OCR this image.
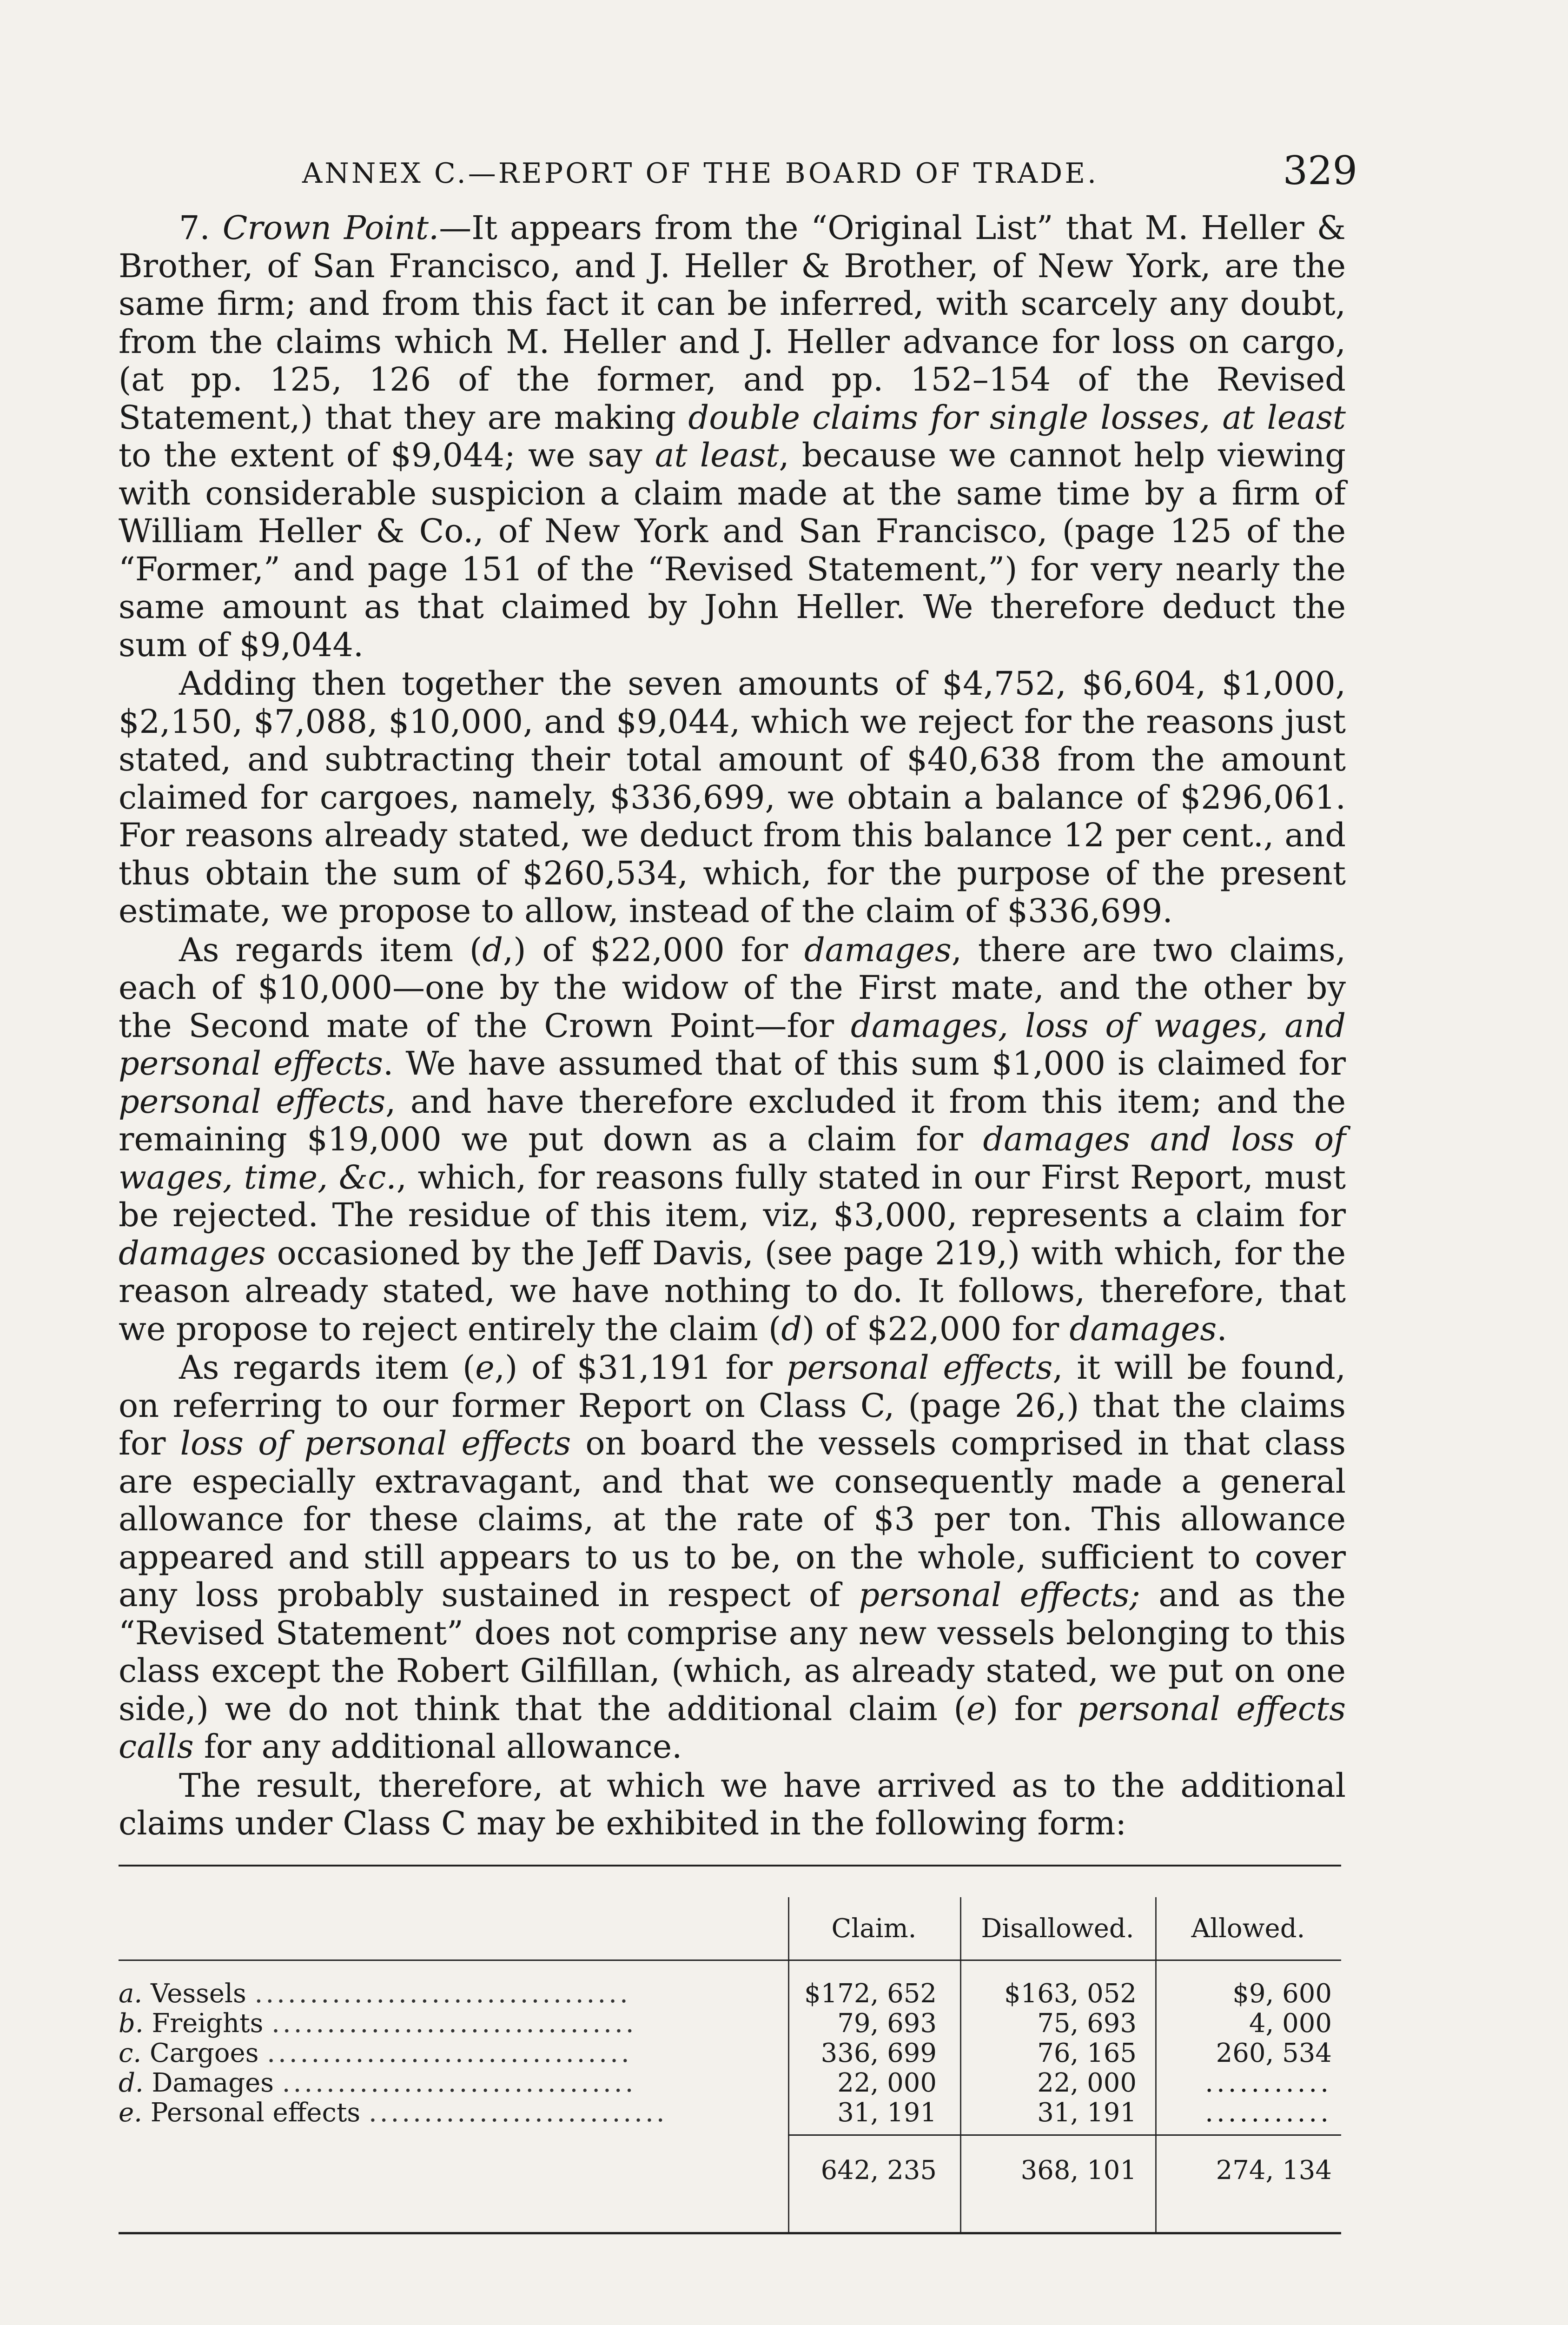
ANNEX C.—REPORT OF THE BOARD OF TRADE.	329

7. Crown Point.—It appears from the “Original List” that M. Heller & Brother, of San Francisco, and J. Heller & Brother, of New York, are the same firm; and from this fact it can be inferred, with scarcely any doubt, from the claims which M. Heller and J. Heller advance for loss on cargo, (at pp. 125, 126 of the former, and pp. 152–154 of the Revised Statement,) that they are making double claims for single losses, at least to the extent of $9,044; we say at least, because we cannot help viewing with considerable suspicion a claim made at the same time by a firm of William Heller & Co., of New York and San Francisco, (page 125 of the “Former,” and page 151 of the “Revised Statement,”) for very nearly the same amount as that claimed by John Heller. We therefore deduct the sum of $9,044.

Adding then together the seven amounts of $4,752, $6,604, $1,000, $2,150, $7,088, $10,000, and $9,044, which we reject for the reasons just stated, and subtracting their total amount of $40,638 from the amount claimed for cargoes, namely, $336,699, we obtain a balance of $296,061. For reasons already stated, we deduct from this balance 12 per cent., and thus obtain the sum of $260,534, which, for the purpose of the present estimate, we propose to allow, instead of the claim of $336,699.

As regards item (d,) of $22,000 for damages, there are two claims, each of $10,000—one by the widow of the First mate, and the other by the Second mate of the Crown Point—for damages, loss of wages, and personal effects. We have assumed that of this sum $1,000 is claimed for personal effects, and have therefore excluded it from this item; and the remaining $19,000 we put down as a claim for damages and loss of wages, time, &c., which, for reasons fully stated in our First Report, must be rejected. The residue of this item, viz, $3,000, represents a claim for damages occasioned by the Jeff Davis, (see page 219,) with which, for the reason already stated, we have nothing to do. It follows, therefore, that we propose to reject entirely the claim (d) of $22,000 for damages.

As regards item (e,) of $31,191 for personal effects, it will be found, on referring to our former Report on Class C, (page 26,) that the claims for loss of personal effects on board the vessels comprised in that class are especially extravagant, and that we consequently made a general allowance for these claims, at the rate of $3 per ton. This allowance appeared and still appears to us to be, on the whole, sufficient to cover any loss probably sustained in respect of personal effects; and as the “Revised Statement” does not comprise any new vessels belonging to this class except the Robert Gilfillan, (which, as already stated, we put on one side,) we do not think that the additional claim (e) for personal effects calls for any additional allowance.

The result, therefore, at which we have arrived as to the additional claims under Class C may be exhibited in the following form:

Claim.	Disallowed.	Allowed.
a. Vessels ..................................	$172, 652	$163, 052	$9, 600
b. Freights .................................	79, 693	75, 693	4, 000
c. Cargoes .................................	336, 699	76, 165	260, 534
d. Damages ................................	22, 000	22, 000	...........
e. Personal effects ...........................	31, 191	31, 191	...........
642, 235	368, 101	274, 134
